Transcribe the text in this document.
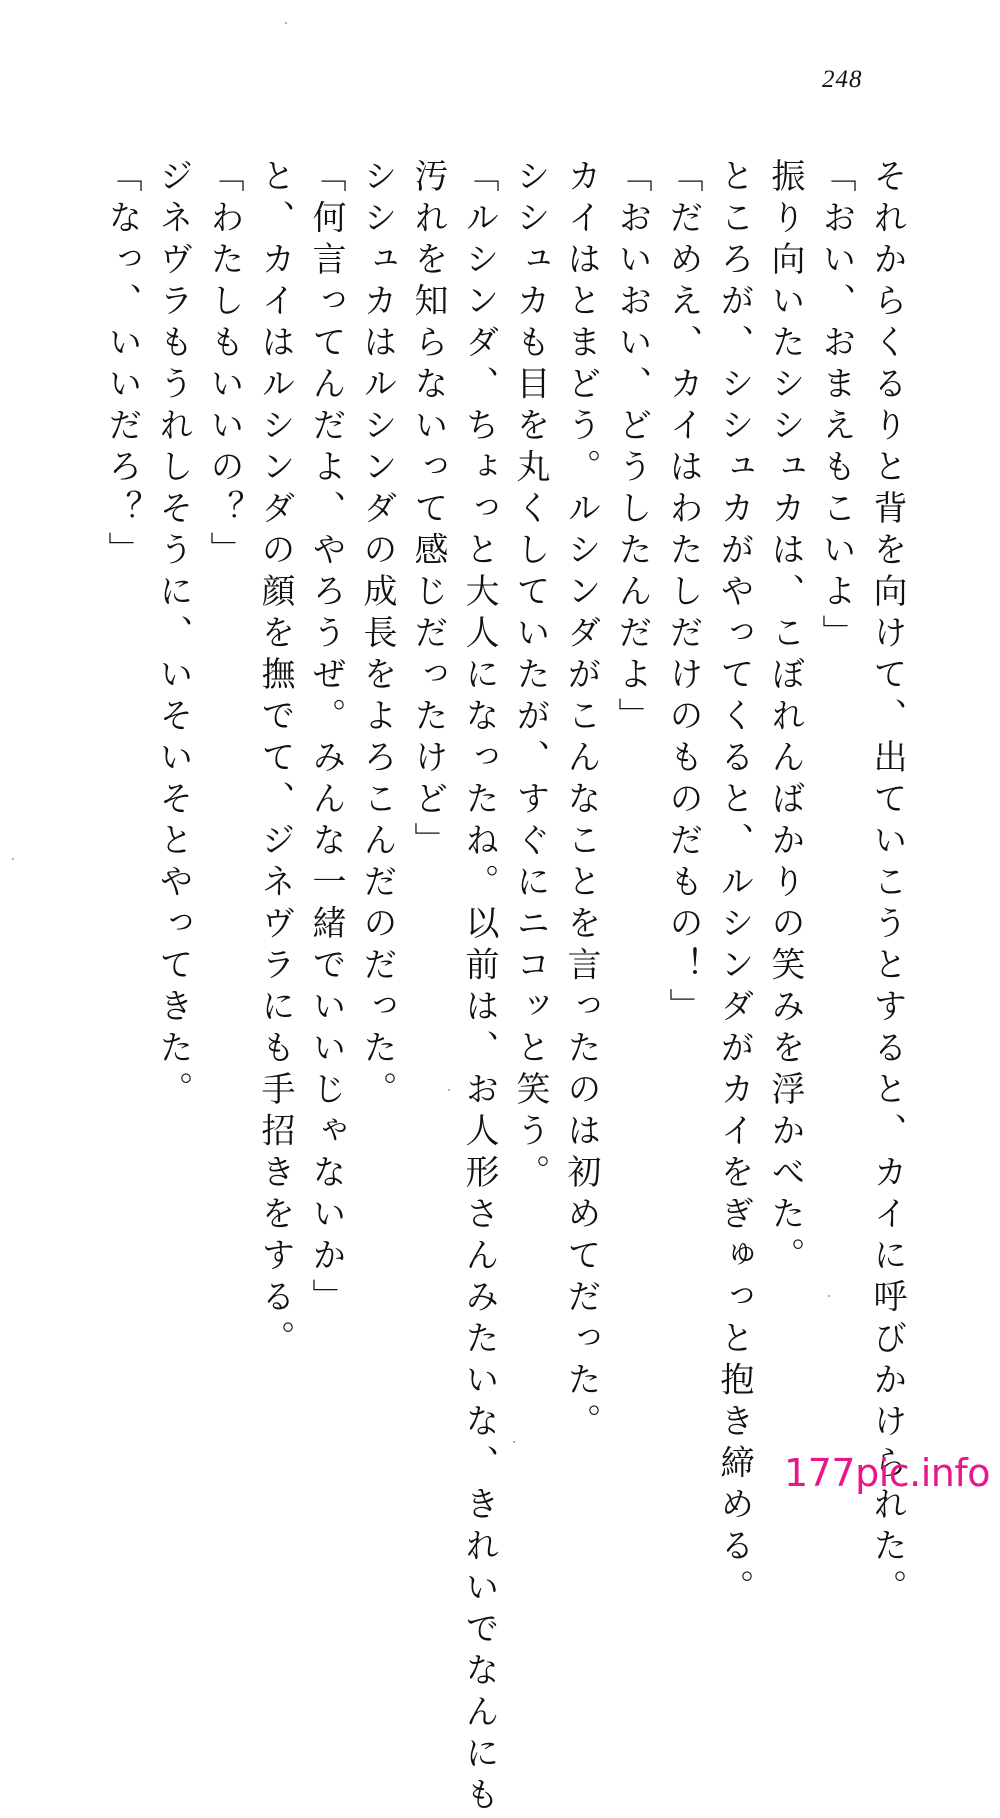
248
それからくるりと背を向けて、出ていこうとすると、カイに呼びかけられた。
「おい、おまえもこいよ」
振り向いたシシュカは、こぼれんばかりの笑みを浮かべた。
ところが、シシュカがやってくると、ルシンダがカイをぎゅっと抱き締める。
「だめえ、カイはわたしだけのものだもの！」
「おいおい、どうしたんだよ」
カイはとまどう。ルシンダがこんなことを言ったのは初めてだった。
シシュカも目を丸くしていたが、すぐにニコッと笑う。
「ルシンダ、ちょっと大人になったね。以前は、お人形さんみたいな、きれいでなんにも
汚れを知らないって感じだったけど」
シシュカはルシンダの成長をよろこんだのだった。
「何言ってんだよ、やろうぜ。みんな一緒でいいじゃないか」
と、カイはルシンダの顔を撫でて、ジネヴラにも手招きをする。
「わたしもいいの？」
ジネヴラもうれしそうに、いそいそとやってきた。
「なっ、いいだろ？」
177pic.info
